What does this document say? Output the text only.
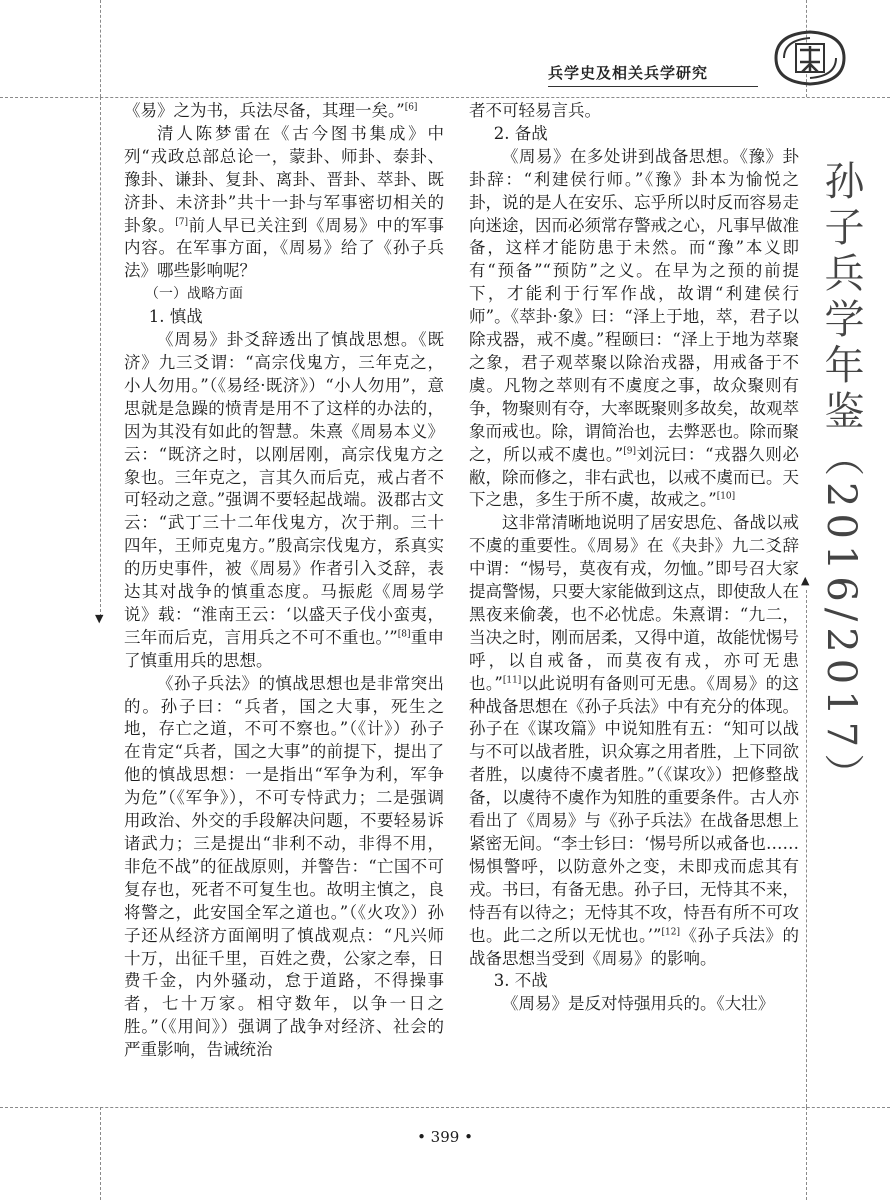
▼
▲
兵学史及相关兵学研究
孙子兵学年鉴（2016/2017）

《易》之为书，兵法尽备，其理一矣。”[6]

清人陈梦雷在《古今图书集成》中列“戎政总部总论一，蒙卦、师卦、泰卦、豫卦、谦卦、复卦、离卦、晋卦、萃卦、既济卦、未济卦”共十一卦与军事密切相关的卦象。[7]前人早已关注到《周易》中的军事内容。在军事方面，《周易》给了《孙子兵法》哪些影响呢？

（一）战略方面

1. 慎战

《周易》卦爻辞透出了慎战思想。《既济》九三爻谓：“高宗伐鬼方，三年克之，小人勿用。”（《易经·既济》）“小人勿用”，意思就是急躁的愤青是用不了这样的办法的，因为其没有如此的智慧。朱熹《周易本义》云：“既济之时，以刚居刚，高宗伐鬼方之象也。三年克之，言其久而后克，戒占者不可轻动之意。”强调不要轻起战端。汲郡古文云：“武丁三十二年伐鬼方，次于荆。三十四年，王师克鬼方。”殷高宗伐鬼方，系真实的历史事件，被《周易》作者引入爻辞，表达其对战争的慎重态度。马振彪《周易学说》载：“淮南王云：‘以盛天子伐小蛮夷，三年而后克，言用兵之不可不重也。’”[8]重申了慎重用兵的思想。

《孙子兵法》的慎战思想也是非常突出的。孙子曰：“兵者，国之大事，死生之地，存亡之道，不可不察也。”（《计》）孙子在肯定“兵者，国之大事”的前提下，提出了他的慎战思想：一是指出“军争为利，军争为危”（《军争》），不可专恃武力；二是强调用政治、外交的手段解决问题，不要轻易诉诸武力；三是提出“非利不动，非得不用，非危不战”的征战原则，并警告：“亡国不可复存也，死者不可复生也。故明主慎之，良将警之，此安国全军之道也。”（《火攻》）孙子还从经济方面阐明了慎战观点：“凡兴师十万，出征千里，百姓之费，公家之奉，日费千金，内外骚动，怠于道路，不得操事者，七十万家。相守数年，以争一日之胜。”（《用间》）强调了战争对经济、社会的严重影响，告诫统治

者不可轻易言兵。

2. 备战

《周易》在多处讲到战备思想。《豫》卦卦辞：“利建侯行师。”《豫》卦本为愉悦之卦，说的是人在安乐、忘乎所以时反而容易走向迷途，因而必须常存警戒之心，凡事早做准备，这样才能防患于未然。而“豫”本义即有“预备”“预防”之义。在早为之预的前提下，才能利于行军作战，故谓“利建侯行师”。《萃卦·象》曰：“泽上于地，萃，君子以除戎器，戒不虞。”程颐曰：“泽上于地为萃聚之象，君子观萃聚以除治戎器，用戒备于不虞。凡物之萃则有不虞度之事，故众聚则有争，物聚则有夺，大率既聚则多故矣，故观萃象而戒也。除，谓简治也，去弊恶也。除而聚之，所以戒不虞也。”[9]刘沅曰：“戎器久则必敝，除而修之，非右武也，以戒不虞而已。天下之患，多生于所不虞，故戒之。”[10]

这非常清晰地说明了居安思危、备战以戒不虞的重要性。《周易》在《夬卦》九二爻辞中谓：“惕号，莫夜有戎，勿恤。”即号召大家提高警惕，只要大家能做到这点，即使敌人在黑夜来偷袭，也不必忧虑。朱熹谓：“九二，当决之时，刚而居柔，又得中道，故能忧惕号呼，以自戒备，而莫夜有戎，亦可无患也。”[11]以此说明有备则可无患。《周易》的这种战备思想在《孙子兵法》中有充分的体现。孙子在《谋攻篇》中说知胜有五：“知可以战与不可以战者胜，识众寡之用者胜，上下同欲者胜，以虞待不虞者胜。”（《谋攻》）把修整战备，以虞待不虞作为知胜的重要条件。古人亦看出了《周易》与《孙子兵法》在战备思想上紧密无间。“李士钐曰：‘惕号所以戒备也……惕惧警呼，以防意外之变，未即戎而虑其有戎。书曰，有备无患。孙子曰，无恃其不来，恃吾有以待之；无恃其不攻，恃吾有所不可攻也。此二之所以无忧也。’”[12]《孙子兵法》的战备思想当受到《周易》的影响。

3. 不战

《周易》是反对恃强用兵的。《大壮》

• 399 •
